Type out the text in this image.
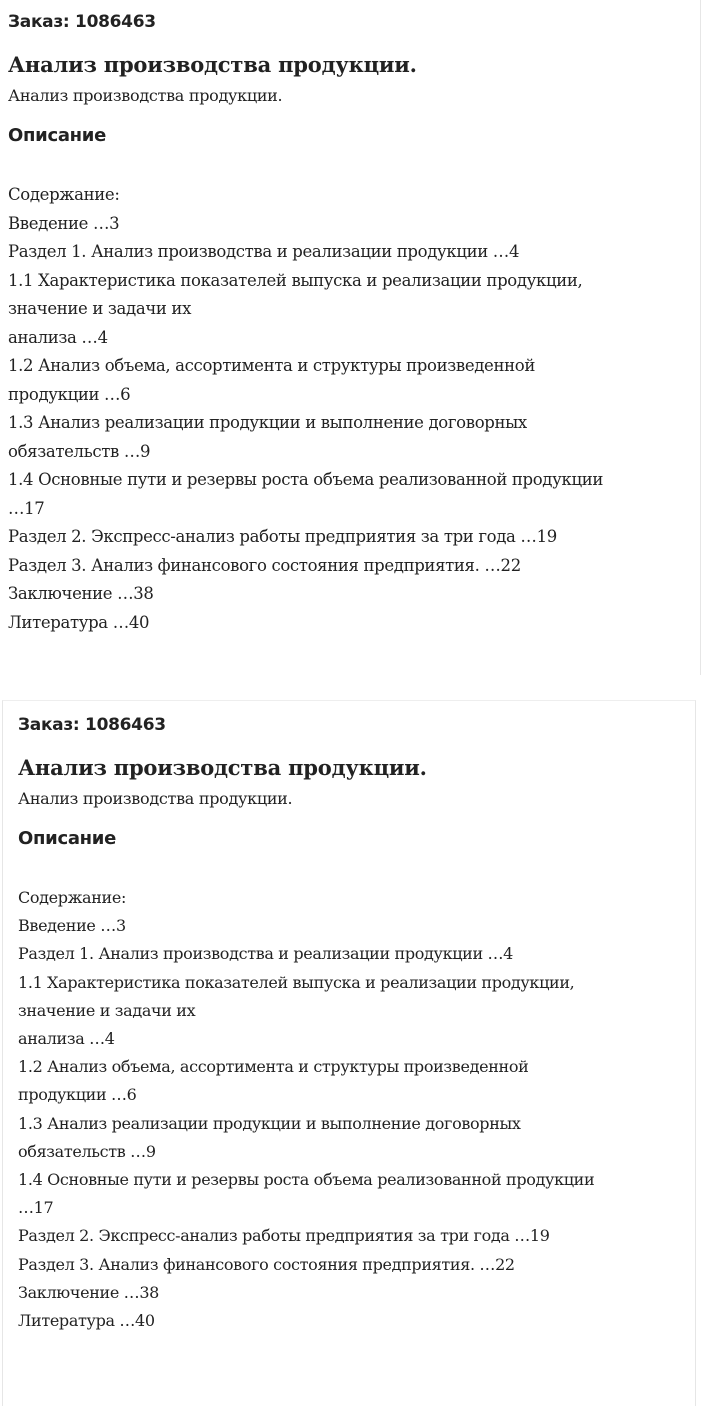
Заказ: 1086463
Анализ производства продукции.
Анализ производства продукции.
Описание
Содержание:
Введение …3
Раздел 1. Анализ производства и реализации продукции …4
1.1 Характеристика показателей выпуска и реализации продукции,
значение и задачи их
анализа …4
1.2 Анализ объема, ассортимента и структуры произведенной
продукции …6
1.3 Анализ реализации продукции и выполнение договорных
обязательств …9
1.4 Основные пути и резервы роста объема реализованной продукции
…17
Раздел 2. Экспресс-анализ работы предприятия за три года …19
Раздел 3. Анализ финансового состояния предприятия. …22
Заключение …38
Литература …40
Заказ: 1086463
Анализ производства продукции.
Анализ производства продукции.
Описание
Содержание:
Введение …3
Раздел 1. Анализ производства и реализации продукции …4
1.1 Характеристика показателей выпуска и реализации продукции,
значение и задачи их
анализа …4
1.2 Анализ объема, ассортимента и структуры произведенной
продукции …6
1.3 Анализ реализации продукции и выполнение договорных
обязательств …9
1.4 Основные пути и резервы роста объема реализованной продукции
…17
Раздел 2. Экспресс-анализ работы предприятия за три года …19
Раздел 3. Анализ финансового состояния предприятия. …22
Заключение …38
Литература …40
